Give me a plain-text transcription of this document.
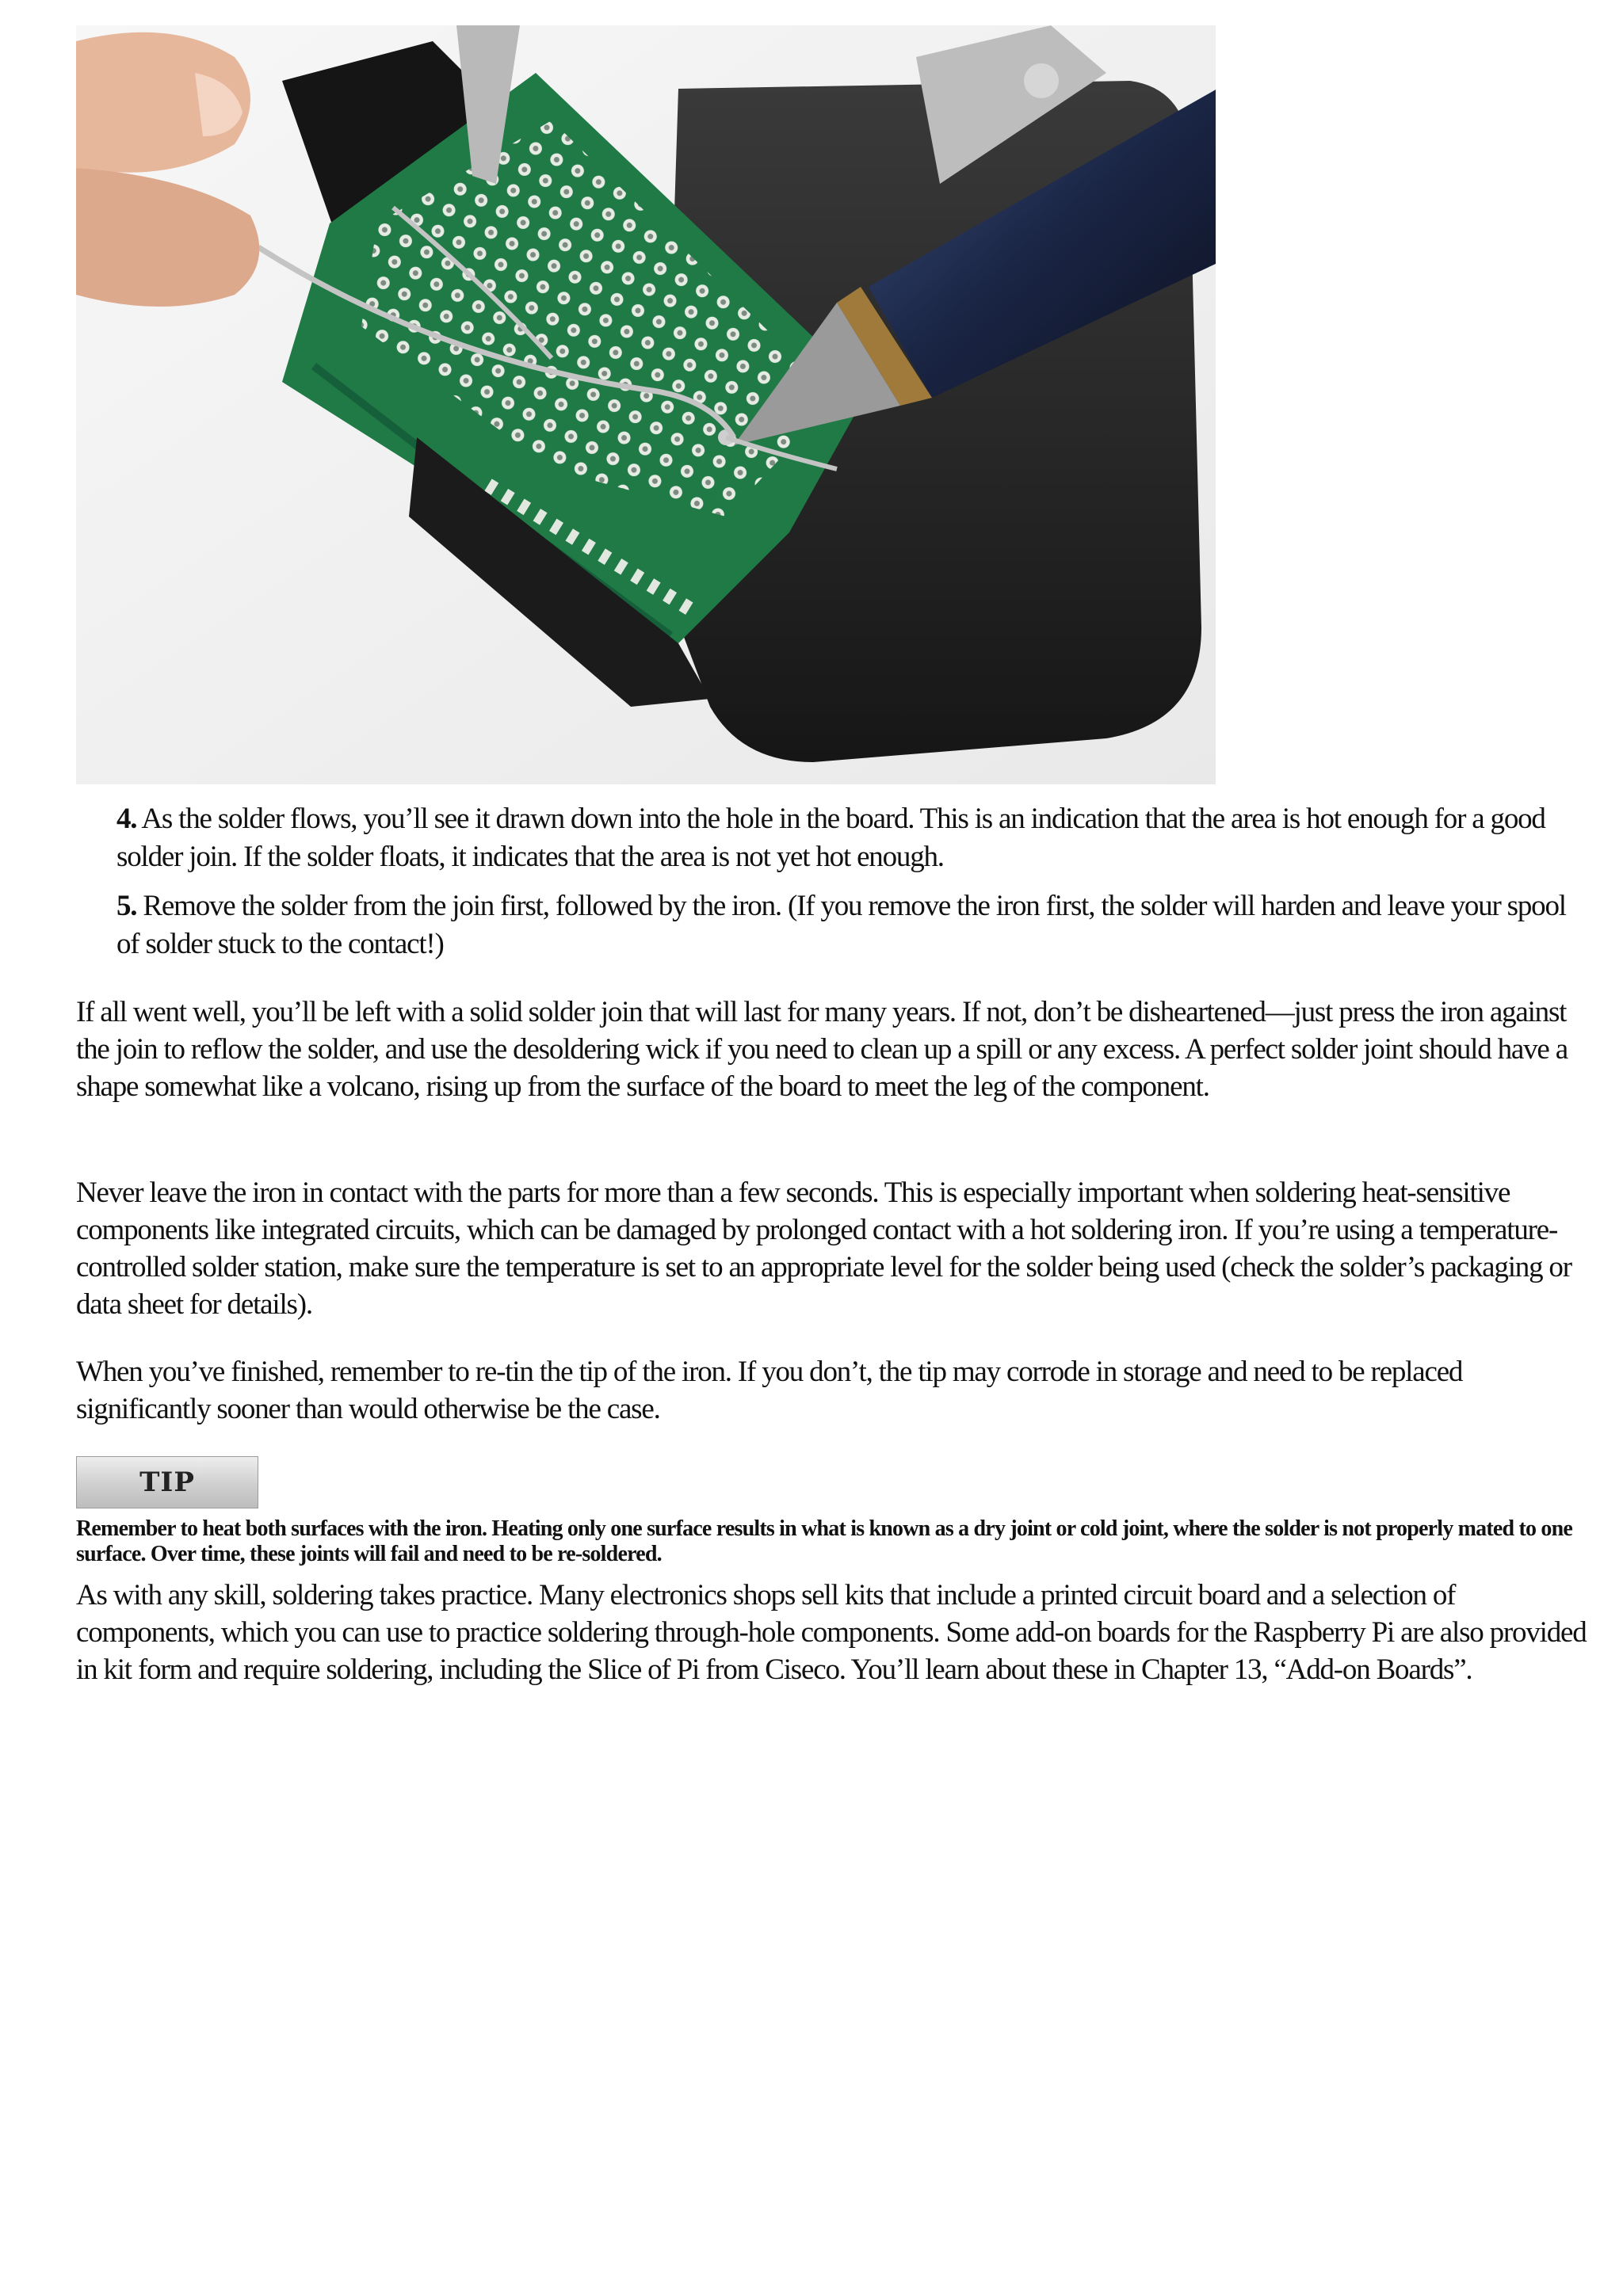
4. As the solder flows, you’ll see it drawn down into the hole in the board. This is an indication that the area is hot enough for a good solder join. If the solder floats, it indicates that the area is not yet hot enough.

5. Remove the solder from the join first, followed by the iron. (If you remove the iron first, the solder will harden and leave your spool of solder stuck to the contact!)

If all went well, you’ll be left with a solid solder join that will last for many years. If not, don’t be disheartened—just press the iron against the join to reflow the solder, and use the desoldering wick if you need to clean up a spill or any excess. A perfect solder joint should have a shape somewhat like a volcano, rising up from the surface of the board to meet the leg of the component.

Never leave the iron in contact with the parts for more than a few seconds. This is especially important when soldering heat-sensitive components like integrated circuits, which can be damaged by prolonged contact with a hot soldering iron. If you’re using a temperature-controlled solder station, make sure the temperature is set to an appropriate level for the solder being used (check the solder’s packaging or data sheet for details).

When you’ve finished, remember to re-tin the tip of the iron. If you don’t, the tip may corrode in storage and need to be replaced significantly sooner than would otherwise be the case.

TIP

Remember to heat both surfaces with the iron. Heating only one surface results in what is known as a dry joint or cold joint, where the solder is not properly mated to one surface. Over time, these joints will fail and need to be re-soldered.

As with any skill, soldering takes practice. Many electronics shops sell kits that include a printed circuit board and a selection of components, which you can use to practice soldering through-hole components. Some add-on boards for the Raspberry Pi are also provided in kit form and require soldering, including the Slice of Pi from Ciseco. You’ll learn about these in Chapter 13, “Add-on Boards”.
